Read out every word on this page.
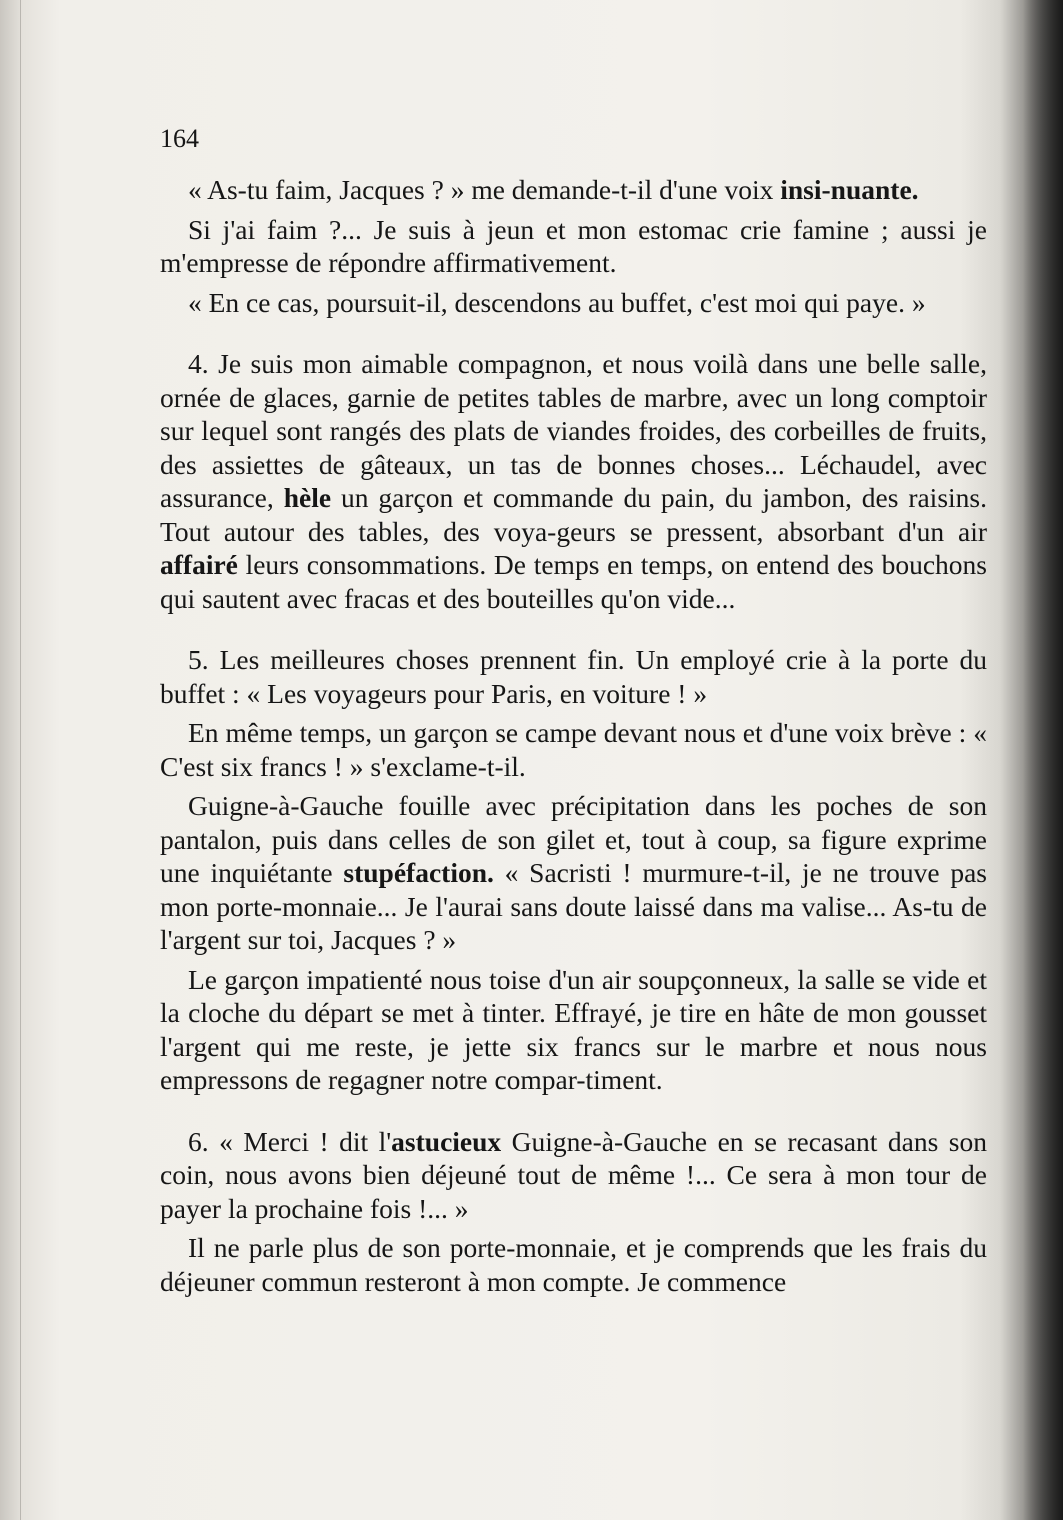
164

« As-tu faim, Jacques ? » me demande-t-il d'une voix insi-nuante.

Si j'ai faim ?... Je suis à jeun et mon estomac crie famine ; aussi je m'empresse de répondre affirmativement.

« En ce cas, poursuit-il, descendons au buffet, c'est moi qui paye. »

4. Je suis mon aimable compagnon, et nous voilà dans une belle salle, ornée de glaces, garnie de petites tables de marbre, avec un long comptoir sur lequel sont rangés des plats de viandes froides, des corbeilles de fruits, des assiettes de gâteaux, un tas de bonnes choses... Léchaudel, avec assurance, hèle un garçon et commande du pain, du jambon, des raisins. Tout autour des tables, des voya-geurs se pressent, absorbant d'un air affairé leurs consommations. De temps en temps, on entend des bouchons qui sautent avec fracas et des bouteilles qu'on vide...

5. Les meilleures choses prennent fin. Un employé crie à la porte du buffet : « Les voyageurs pour Paris, en voiture ! »

En même temps, un garçon se campe devant nous et d'une voix brève : « C'est six francs ! » s'exclame-t-il.

Guigne-à-Gauche fouille avec précipitation dans les poches de son pantalon, puis dans celles de son gilet et, tout à coup, sa figure exprime une inquiétante stupéfaction. « Sacristi ! murmure-t-il, je ne trouve pas mon porte-monnaie... Je l'aurai sans doute laissé dans ma valise... As-tu de l'argent sur toi, Jacques ? »

Le garçon impatienté nous toise d'un air soupçonneux, la salle se vide et la cloche du départ se met à tinter. Effrayé, je tire en hâte de mon gousset l'argent qui me reste, je jette six francs sur le marbre et nous nous empressons de regagner notre compar-timent.

6. « Merci ! dit l'astucieux Guigne-à-Gauche en se recasant dans son coin, nous avons bien déjeuné tout de même !... Ce sera à mon tour de payer la prochaine fois !... »

Il ne parle plus de son porte-monnaie, et je comprends que les frais du déjeuner commun resteront à mon compte. Je commence
